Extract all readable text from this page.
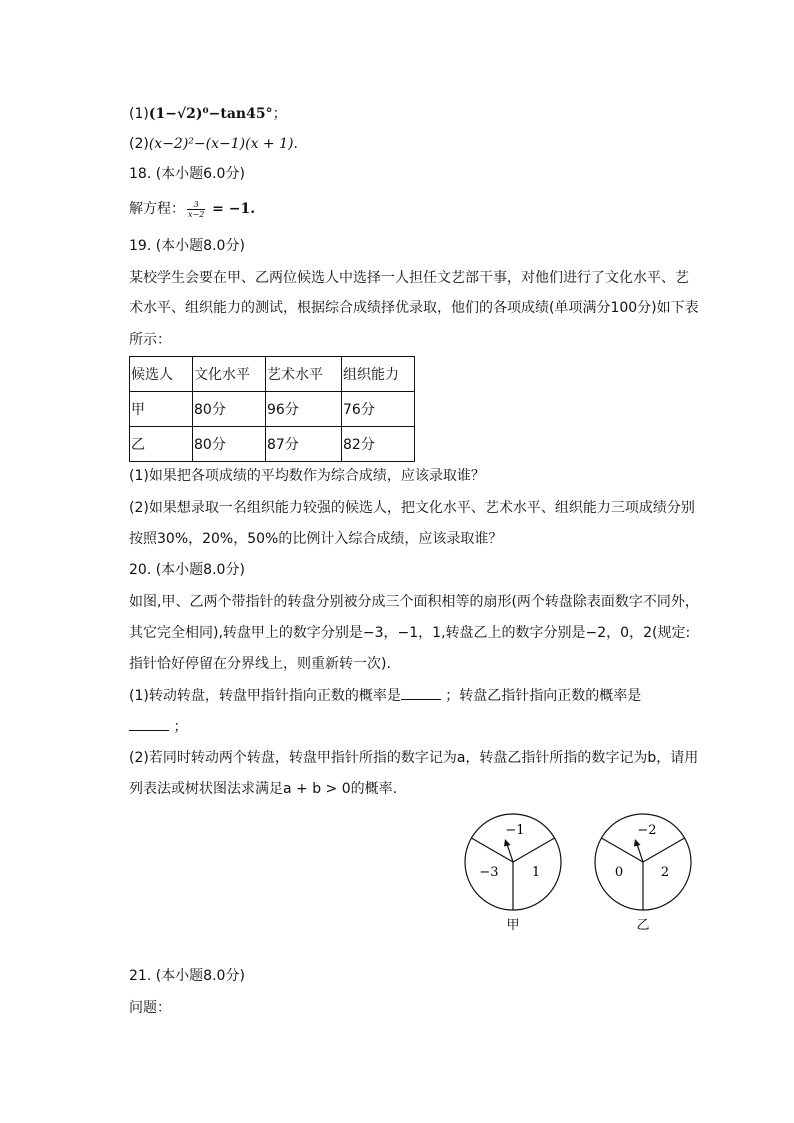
(1)(1−√2)⁰−tan45°；
(2)(x−2)²−(x−1)(x + 1).
18. (本小题6.0分)
解方程： $\frac{3}{x-2} = -1$.
19. (本小题8.0分)
某校学生会要在甲、乙两位候选人中选择一人担任文艺部干事，对他们进行了文化水平、艺
术水平、组织能力的测试，根据综合成绩择优录取，他们的各项成绩(单项满分100分)如下表
所示：
候选人	文化水平	艺术水平	组织能力
甲	80分	96分	76分
乙	80分	87分	82分
(1)如果把各项成绩的平均数作为综合成绩，应该录取谁？
(2)如果想录取一名组织能力较强的候选人，把文化水平、艺术水平、组织能力三项成绩分别
按照30%，20%，50%的比例计入综合成绩，应该录取谁？
20. (本小题8.0分)
如图,甲、乙两个带指针的转盘分别被分成三个面积相等的扇形(两个转盘除表面数字不同外，
其它完全相同),转盘甲上的数字分别是−3，−1，1,转盘乙上的数字分别是−2，0，2(规定:
指针恰好停留在分界线上，则重新转一次).
(1)转动转盘，转盘甲指针指向正数的概率是	；转盘乙指针指向正数的概率是
；
(2)若同时转动两个转盘，转盘甲指针所指的数字记为a，转盘乙指针所指的数字记为b，请用
列表法或树状图法求满足a + b > 0的概率.
−1
−3	1
甲
−2
0	2
乙
21. (本小题8.0分)
问题：
